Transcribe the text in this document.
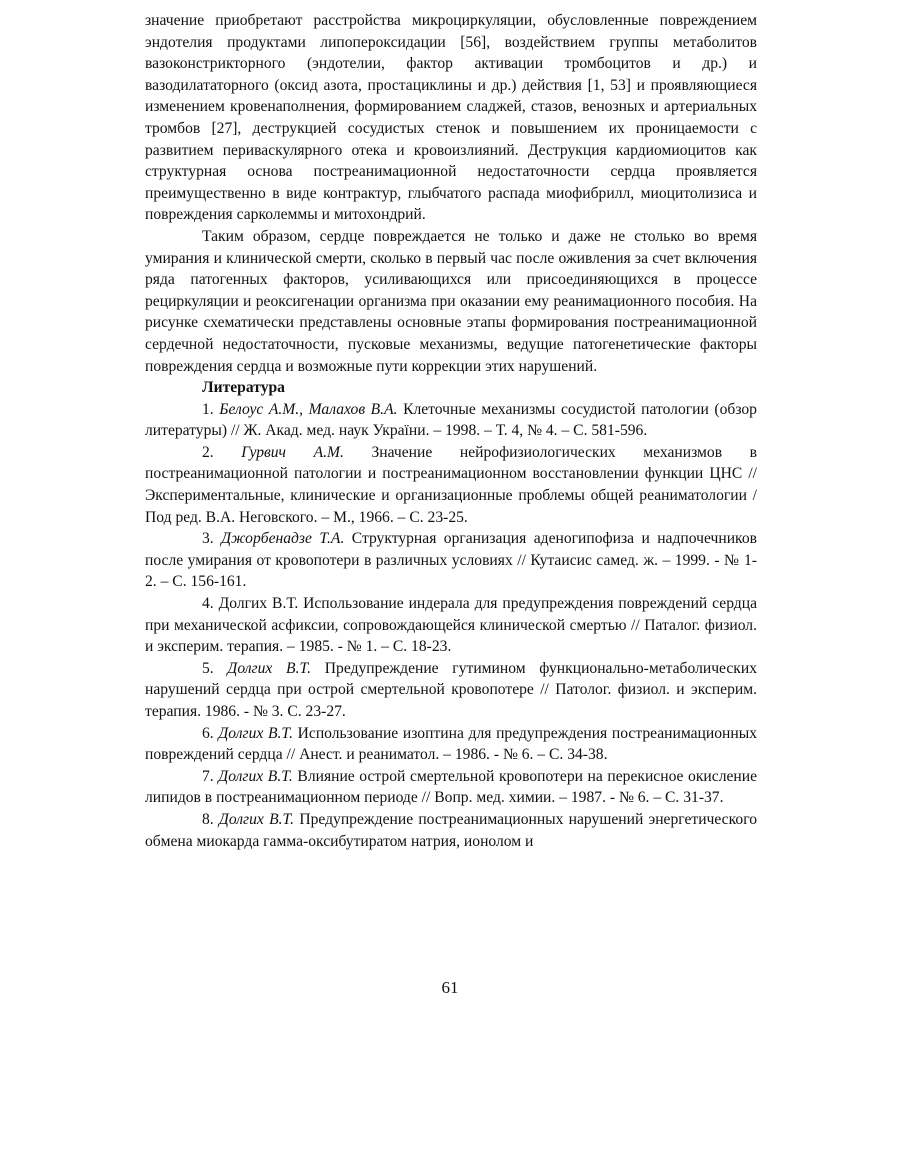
значение приобретают расстройства микроциркуляции, обусловленные повреждением эндотелия продуктами липопероксидации [56], воздействием группы метаболитов вазоконстрикторного (эндотелии, фактор активации тромбоцитов и др.) и вазодилататорного (оксид азота, простациклины и др.) действия [1, 53] и проявляющиеся изменением кровенаполнения, формированием сладжей, стазов, венозных и артериальных тромбов [27], деструкцией сосудистых стенок и повышением их проницаемости с развитием периваскулярного отека и кровоизлияний. Деструкция кардиомиоцитов как структурная основа постреанимационной недостаточности сердца проявляется преимущественно в виде контрактур, глыбчатого распада миофибрилл, миоцитолизиса и повреждения сарколеммы и митохондрий.

Таким образом, сердце повреждается не только и даже не столько во время умирания и клинической смерти, сколько в первый час после оживления за счет включения ряда патогенных факторов, усиливающихся или присоединяющихся в процессе рециркуляции и реоксигенации организма при оказании ему реанимационного пособия. На рисунке схематически представлены основные этапы формирования постреанимационной сердечной недостаточности, пусковые механизмы, ведущие патогенетические факторы повреждения сердца и возможные пути коррекции этих нарушений.

Литература

1. Белоус А.М., Малахов В.А. Клеточные механизмы сосудистой патологии (обзор литературы) // Ж. Акад. мед. наук Украïни. – 1998. – Т. 4, № 4. – С. 581-596.

2. Гурвич А.М. Значение нейрофизиологических механизмов в постреанимационной патологии и постреанимационном восстановлении функции ЦНС // Экспериментальные, клинические и организационные проблемы общей реаниматологии / Под ред. В.А. Неговского. – М., 1966. – С. 23-25.

3. Джорбенадзе Т.А. Структурная организация аденогипофиза и надпочечников после умирания от кровопотери в различных условиях // Кутаисис самед. ж. – 1999. - № 1-2. – С. 156-161.

4. Долгих В.Т. Использование индерала для предупреждения повреждений сердца при механической асфиксии, сопровождающейся клинической смертью // Паталог. физиол. и эксперим. терапия. – 1985. - № 1. – С. 18-23.

5. Долгих В.Т. Предупреждение гутимином функционально-метаболических нарушений сердца при острой смертельной кровопотере // Патолог. физиол. и эксперим. терапия. 1986. - № 3. С. 23-27.

6. Долгих В.Т. Использование изоптина для предупреждения постреанимационных повреждений сердца // Анест. и реаниматол. – 1986. - № 6. – С. 34-38.

7. Долгих В.Т. Влияние острой смертельной кровопотери на перекисное окисление липидов в постреанимационном периоде // Вопр. мед. химии. – 1987. - № 6. – С. 31-37.

8. Долгих В.Т. Предупреждение постреанимационных нарушений энергетического обмена миокарда гамма-оксибутиратом натрия, ионолом и

61
